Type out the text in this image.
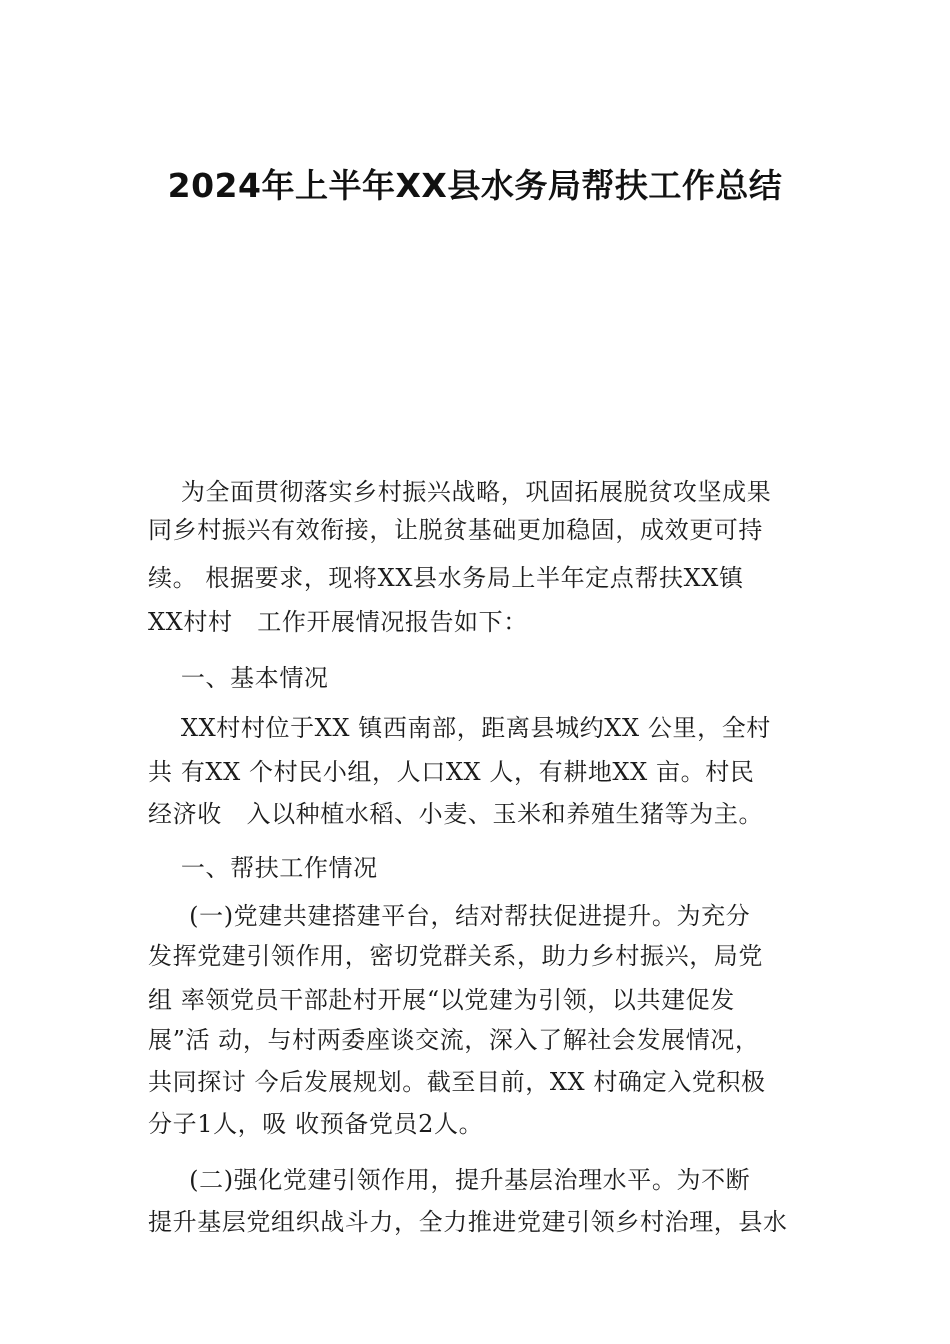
2024年上半年XX县水务局帮扶工作总结
为全面贯彻落实乡村振兴战略，巩固拓展脱贫攻坚成果
同乡村振兴有效衔接，让脱贫基础更加稳固，成效更可持
续。 根据要求，现将XX县水务局上半年定点帮扶XX镇
XX村村   工作开展情况报告如下：
一、基本情况
XX村村位于XX 镇西南部，距离县城约XX 公里，全村
共 有XX 个村民小组，人口XX 人，有耕地XX 亩。村民
经济收   入以种植水稻、小麦、玉米和养殖生猪等为主。
一、帮扶工作情况
(一)党建共建搭建平台，结对帮扶促进提升。为充分
发挥党建引领作用，密切党群关系，助力乡村振兴，局党
组 率领党员干部赴村开展“以党建为引领，以共建促发
展”活 动，与村两委座谈交流，深入了解社会发展情况，
共同探讨 今后发展规划。截至目前，XX 村确定入党积极
分子1人，吸 收预备党员2人。
(二)强化党建引领作用，提升基层治理水平。为不断
提升基层党组织战斗力，全力推进党建引领乡村治理，县水
